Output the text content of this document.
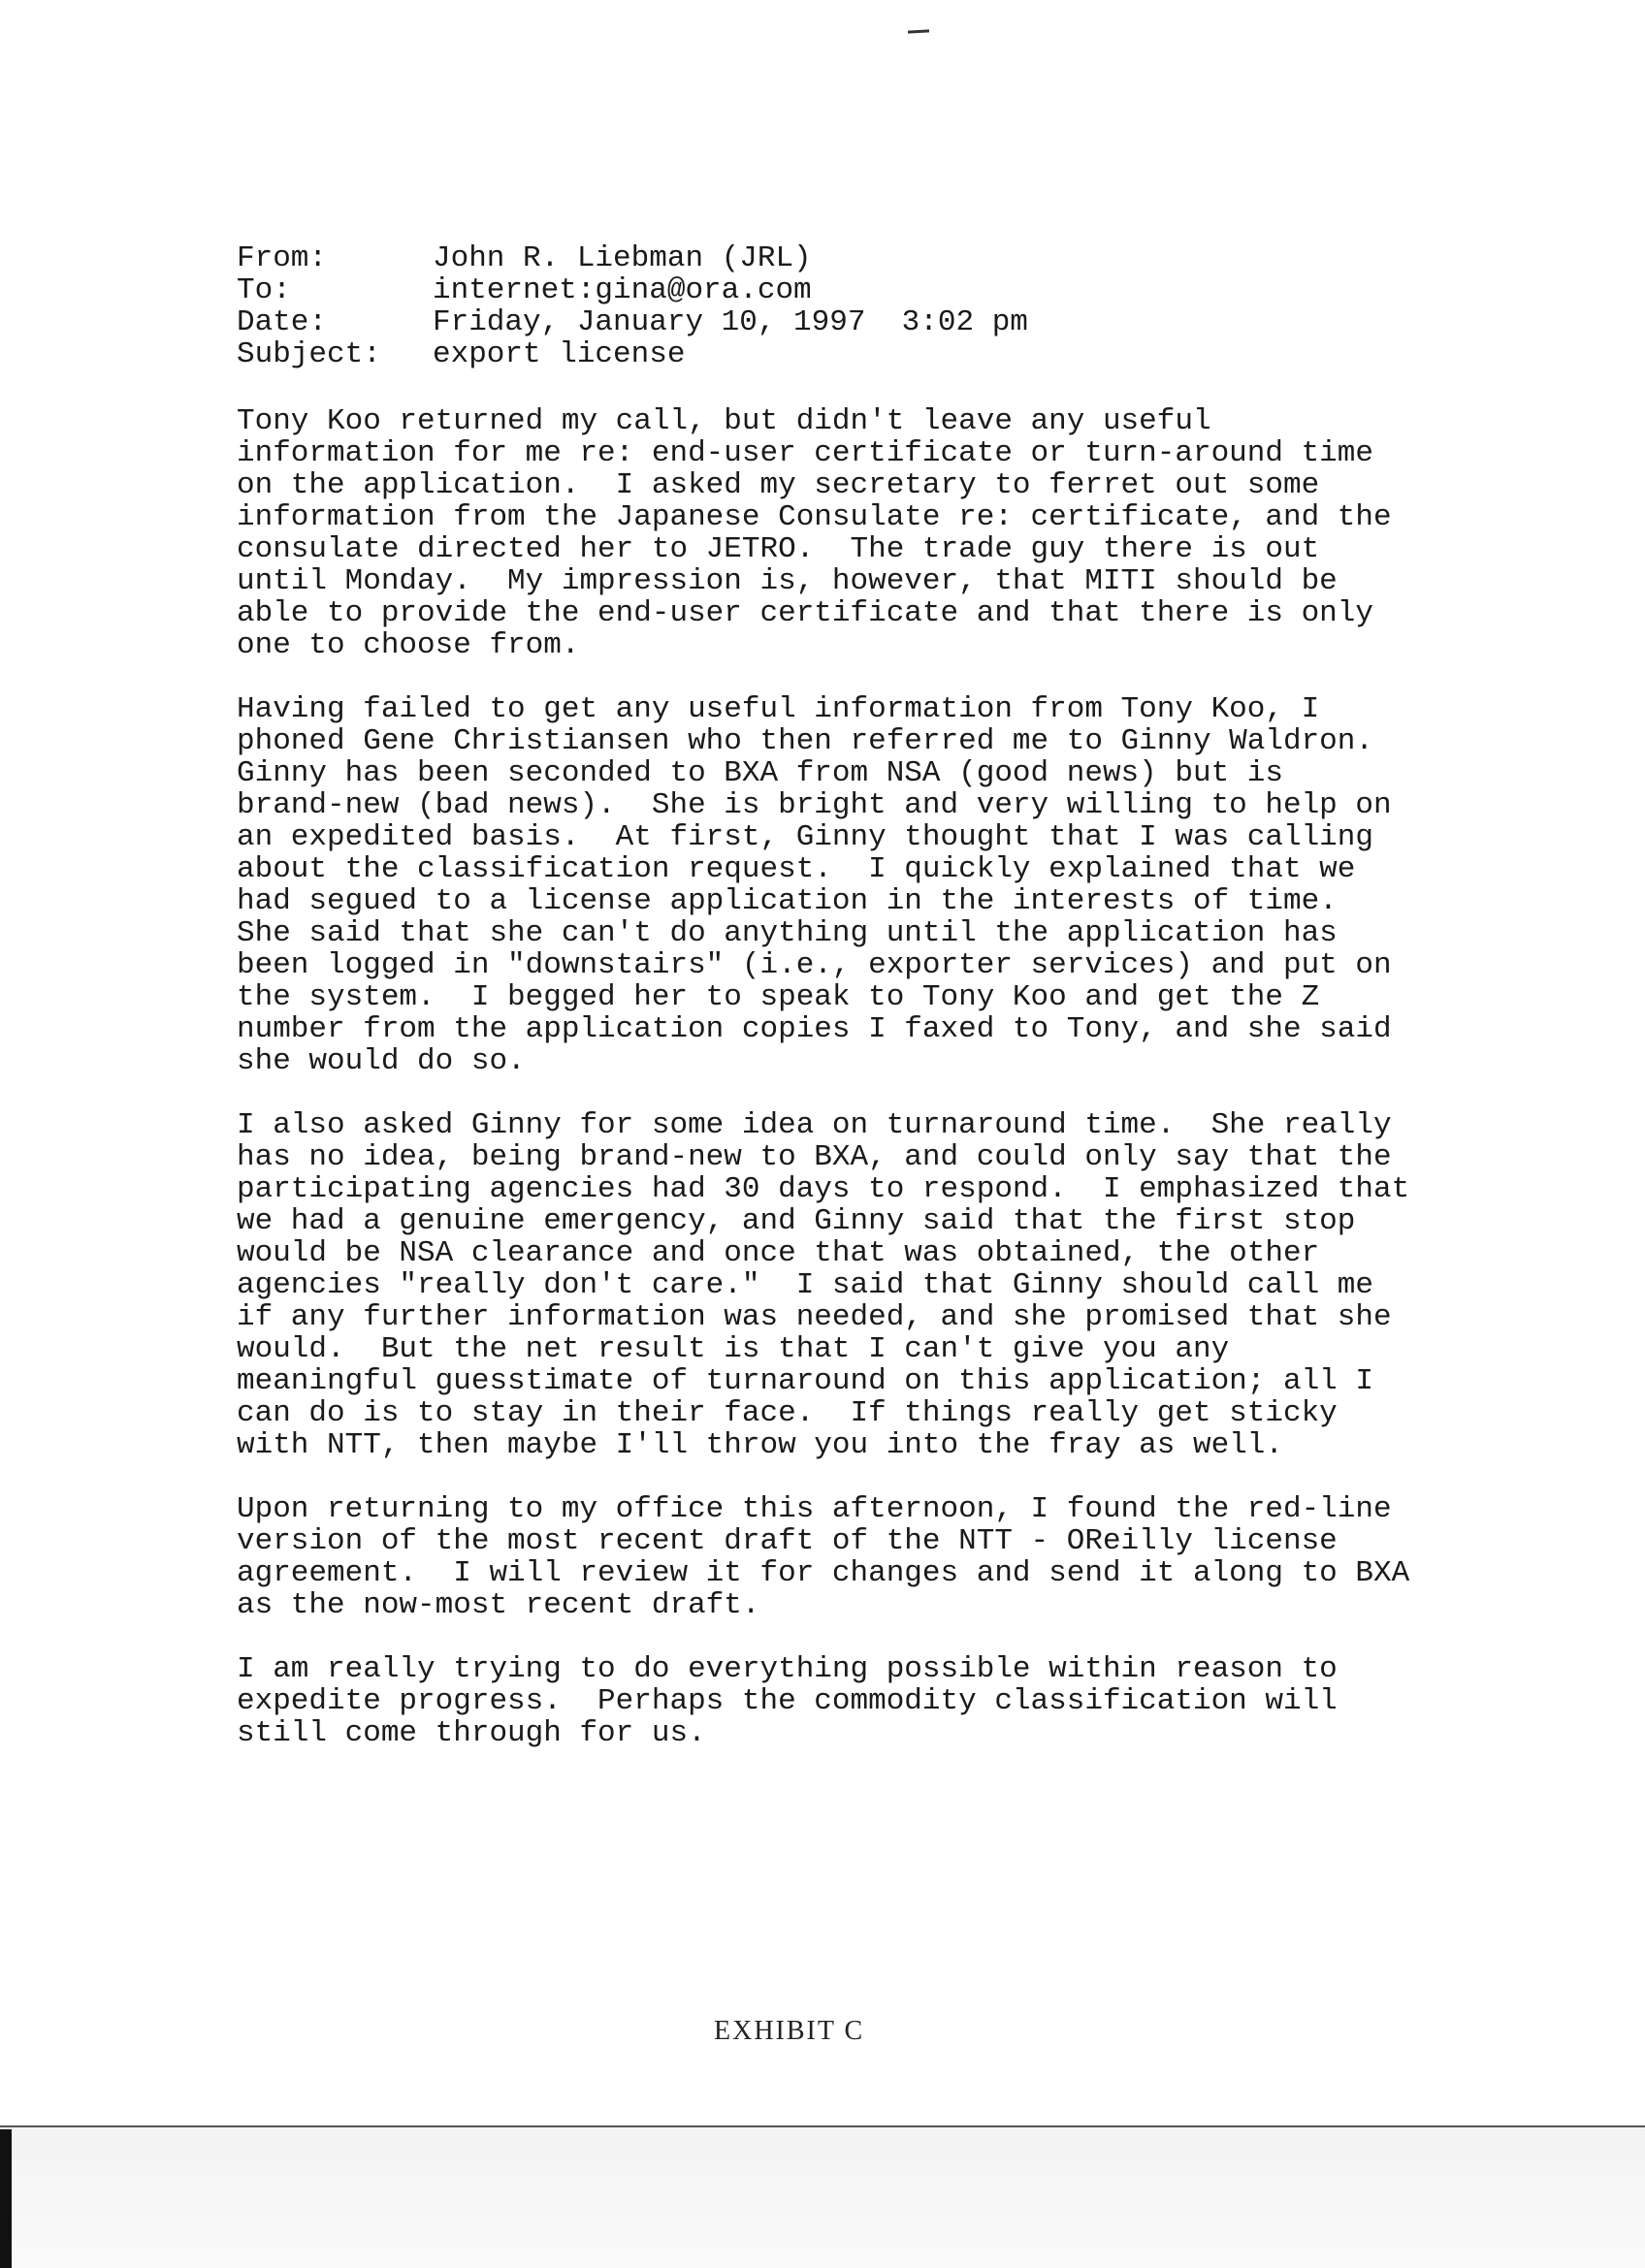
From:	John R. Liebman (JRL)
To:	internet:gina@ora.com
Date:	Friday, January 10, 1997  3:02 pm
Subject:	export license
Tony Koo returned my call, but didn't leave any useful
information for me re: end-user certificate or turn-around time
on the application.  I asked my secretary to ferret out some
information from the Japanese Consulate re: certificate, and the
consulate directed her to JETRO.  The trade guy there is out
until Monday.  My impression is, however, that MITI should be
able to provide the end-user certificate and that there is only
one to choose from.
Having failed to get any useful information from Tony Koo, I
phoned Gene Christiansen who then referred me to Ginny Waldron.
Ginny has been seconded to BXA from NSA (good news) but is
brand-new (bad news).  She is bright and very willing to help on
an expedited basis.  At first, Ginny thought that I was calling
about the classification request.  I quickly explained that we
had segued to a license application in the interests of time.
She said that she can't do anything until the application has
been logged in "downstairs" (i.e., exporter services) and put on
the system.  I begged her to speak to Tony Koo and get the Z
number from the application copies I faxed to Tony, and she said
she would do so.
I also asked Ginny for some idea on turnaround time.  She really
has no idea, being brand-new to BXA, and could only say that the
participating agencies had 30 days to respond.  I emphasized that
we had a genuine emergency, and Ginny said that the first stop
would be NSA clearance and once that was obtained, the other
agencies "really don't care."  I said that Ginny should call me
if any further information was needed, and she promised that she
would.  But the net result is that I can't give you any
meaningful guesstimate of turnaround on this application; all I
can do is to stay in their face.  If things really get sticky
with NTT, then maybe I'll throw you into the fray as well.
Upon returning to my office this afternoon, I found the red-line
version of the most recent draft of the NTT - OReilly license
agreement.  I will review it for changes and send it along to BXA
as the now-most recent draft.
I am really trying to do everything possible within reason to
expedite progress.  Perhaps the commodity classification will
still come through for us.
EXHIBIT C
